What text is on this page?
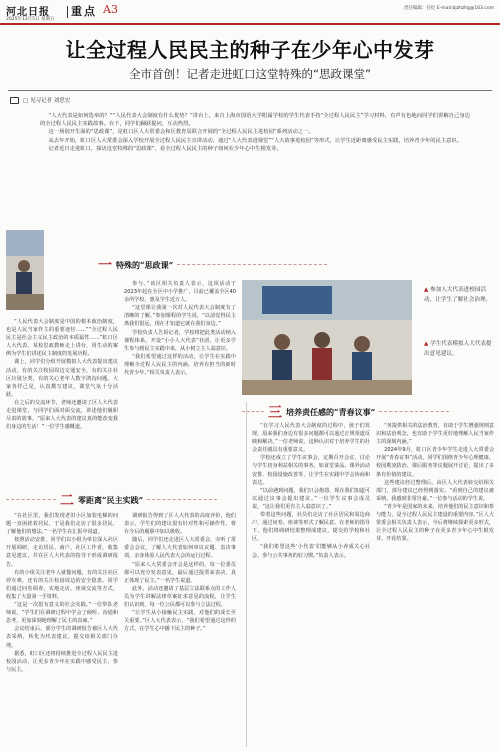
河北日报
2025年12月5日 星期五
重点 A3	责任编辑：任纪 E-mail:bjzhzhg@163.com
让全过程人民民主的种子在少年心中发芽
全市首创！记者走进虹口这堂特殊的“思政课堂”
□ 见习记者 刘思宏

“人大代表是如何选举的？”“人民代表大会制度有什么优势？”讲台上，来自上海市国语大学附属学校的学生代表手持“全过程人民民主”学习材料，有声有色地向同学们讲解自己身边的全过程人民民主实践故事。台下，同学们踊跃提问，互动热烈。

这一场别开生面的“思政课”，是虹口区人大常委会和区教育局联合开展的“全过程人民民主进校园”系列活动之一。

从去年开始，虹口区人大常委会深入学校开展全过程人民民主宣讲活动，通过“人大代表进课堂”“人大故事进校园”等形式，让学生近距离感受民主实践，培养青少年的民主意识。

记者近日走进虹口，探访这堂特殊的“思政课”，看全过程人民民主的种子如何在少年心中生根发芽。

一 特殊的“思政课”

“人民代表大会制度是中国的根本政治制度，也是人民当家作主的重要途径……”“全过程人民民主是社会主义民主政治的本质属性……”虹口区人大代表、某校思政教师走上讲台，用生动的案例为学生们讲述民主制度的发展历程。

课上，同学们分组开展模拟人大代表提出建议活动，有的关注校园周边交通安全，有的关注社区垃圾分类，有的关心老年人数字鸿沟问题。大家各抒己见，认真撰写建议，课堂气氛十分活跃。

在之后的交流环节，老师还邀请了区人大代表走进课堂，与同学们面对面交流，讲述他们履职尽责的故事。“原来人大代表的建议真的能改变我们身边的生活！”一位学生感慨道。

参与。”该区相关负责人表示，这项活动于2023年起在全区中小学推广，目前已覆盖全区40余所学校，惠及学生近万人。

“这堂课让我第一次对人民代表大会制度有了清晰的了解。”参加课程的学生说，“以前觉得民主离我们很远，现在才知道它就在我们身边。”

学校负责人告诉记者，学校将把此类活动纳入课程体系，开设“小小人大代表”社团，让更多学生参与到民主实践中来，从小树立主人翁意识。

“我们希望通过这样的活动，让学生在实践中理解全过程人民民主的内涵，培养有担当的新时代青少年。”相关负责人表示。

▲ 参加人大代表进校园活动，让学生了解社会治理。
▲ 学生代表模拟人大代表提出意见建议。
三 培养责任感的“青春议事”

“在学习人民代表大会制度的过程中，孩子们发现，原来我们身边有很多问题都可以通过正规渠道反映和解决。”一位老师说，这种认识对于培养学生的社会责任感具有重要意义。

学校还成立了学生议事会，定期召开会议，讨论与学生切身利益相关的事务，如食堂菜品、课外活动安排、校园设施改善等，让学生在实践中学会协商和表达。

“以前遇到问题，我们只会抱怨，现在我们知道可以通过议事会提出建议。”一位学生议事会成员说，“这让我们更有主人翁意识了。”

带着这些问题，社员们走访了社区居民和周边商户，通过问卷、座谈等形式了解民意。在老师的指导下，他们将调研结果整理成建议，提交给学校和社区。

“我们希望这些‘小代表’们能够从小养成关心社会、参与公共事务的好习惯。”负责人表示。

“务提供相关的法治教育，有助于学生增强规则意识和法治观念，也有助于学生更好地理解人民当家作主的深刻内涵。”

2024年9月，虹口区青少年学生走进人大常委会开展“青春议事”活动。同学们围绕青少年心理健康、校园欺凌防治、课后服务等议题展开讨论，提出了多条有价值的建议。

这些建议经过整理后，由区人大代表转交给相关部门，部分建议已经得到落实。“看到自己的建议被采纳，我感到非常自豪。”一位参与活动的学生说。

“青少年是国家的未来，培养他们的民主意识和参与能力，是全过程人民民主建设的重要内容。”区人大常委会相关负责人表示，今后将继续探索更多形式，让全过程人民民主的种子在更多青少年心中生根发芽、开花结果。

二 零距离“民主实践”

“在社区里，我们发现老旧小区加装电梯的问题一直困扰着居民，于是我们走访了很多居民，了解他们的想法。”一名学生在汇报中说道。

按照活动安排，同学们以小组为单位深入社区开展调研，走访居民、商户、社区工作者，收集意见建议，并在区人大代表的指导下形成调研报告。

有的小组关注老年人就餐问题，有的关注社区停车难，还有的关注校园周边的安全隐患。同学们通过问卷调查、实地走访、座谈交流等方式，收集了大量第一手资料。

“这是一次很有意义的社会实践。”一位带队老师说，“学生们在调研过程中学会了倾听、沟通和思考，更加深刻地理解了民主的真谛。”

会议结束后，部分学生的调研报告被区人大代表采纳，转化为代表建议，提交给相关部门办理。

据悉，虹口区还将持续推进全过程人民民主进校园活动，让更多青少年在实践中感受民主、参与民主。

调研报告得到了区人大代表的高度评价，他们表示，学生们的建议很有针对性和可操作性，将在今后的履职中加以吸收。

随后，同学们还走进区人大常委会，旁听了常委会会议，了解人大代表如何审议议题、表决事项，亲身体验人民代表大会的运行过程。

“原来人大常委会开会是这样的，每一位委员都可以充分发表意见，最后通过投票来表决，真正体现了民主。”一名学生说道。

此外，活动还邀请了基层立法联系点的工作人员为学生讲解法律草案征求意见的流程，让学生们认识到，每一位公民都可以参与立法过程。

“让学生从小接触民主实践，对他们的成长至关重要。”区人大代表表示，“我们希望通过这样的方式，在学生心中播下民主的种子。”
